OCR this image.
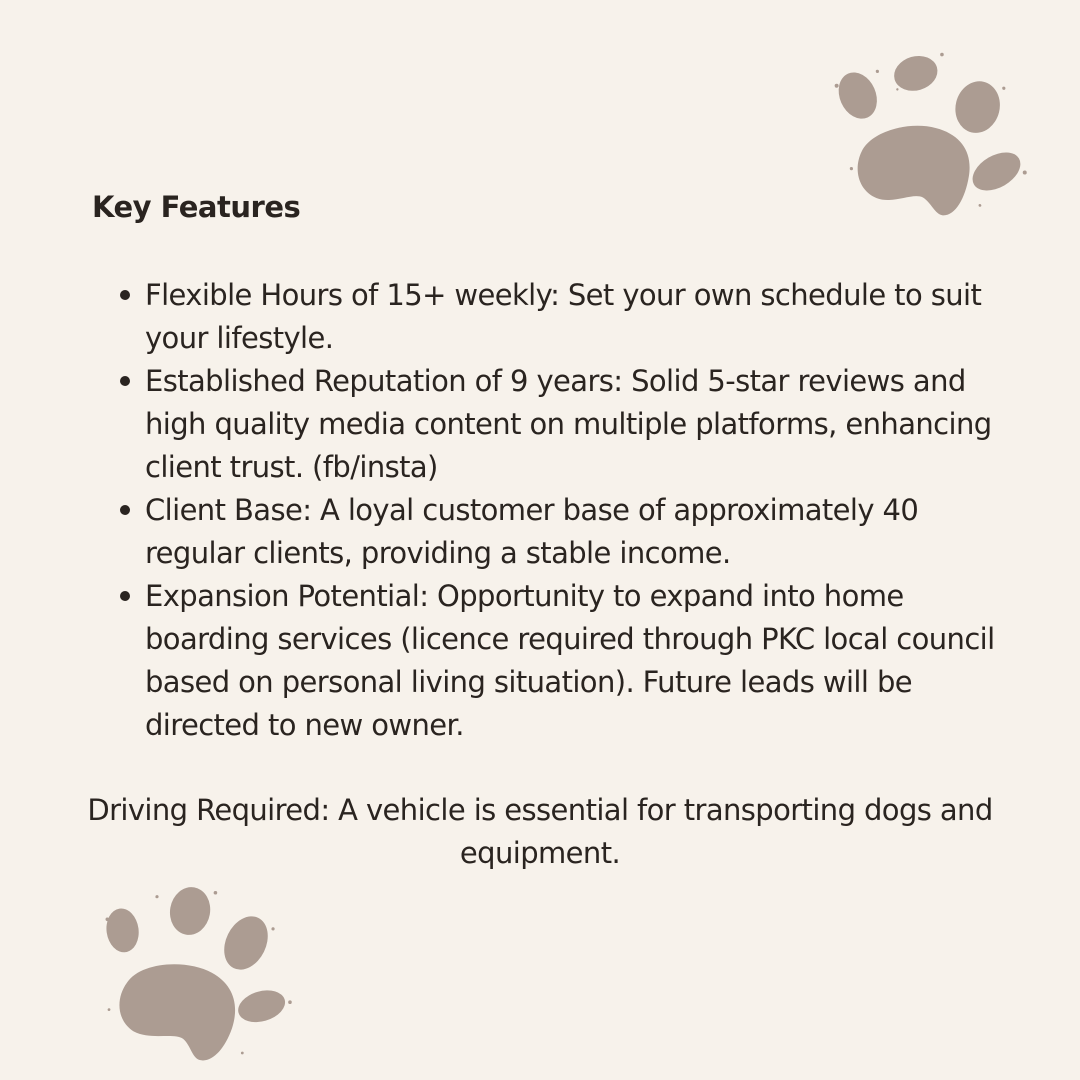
Key Features
Flexible Hours of 15+ weekly: Set your own schedule to suit your lifestyle.
Established Reputation of 9 years: Solid 5-star reviews and high quality media content on multiple platforms, enhancing client trust. (fb/insta)
Client Base: A loyal customer base of approximately 40 regular clients, providing a stable income.
Expansion Potential: Opportunity to expand into home boarding services (licence required through PKC local council based on personal living situation). Future leads will be directed to new owner.

Driving Required: A vehicle is essential for transporting dogs and equipment.
